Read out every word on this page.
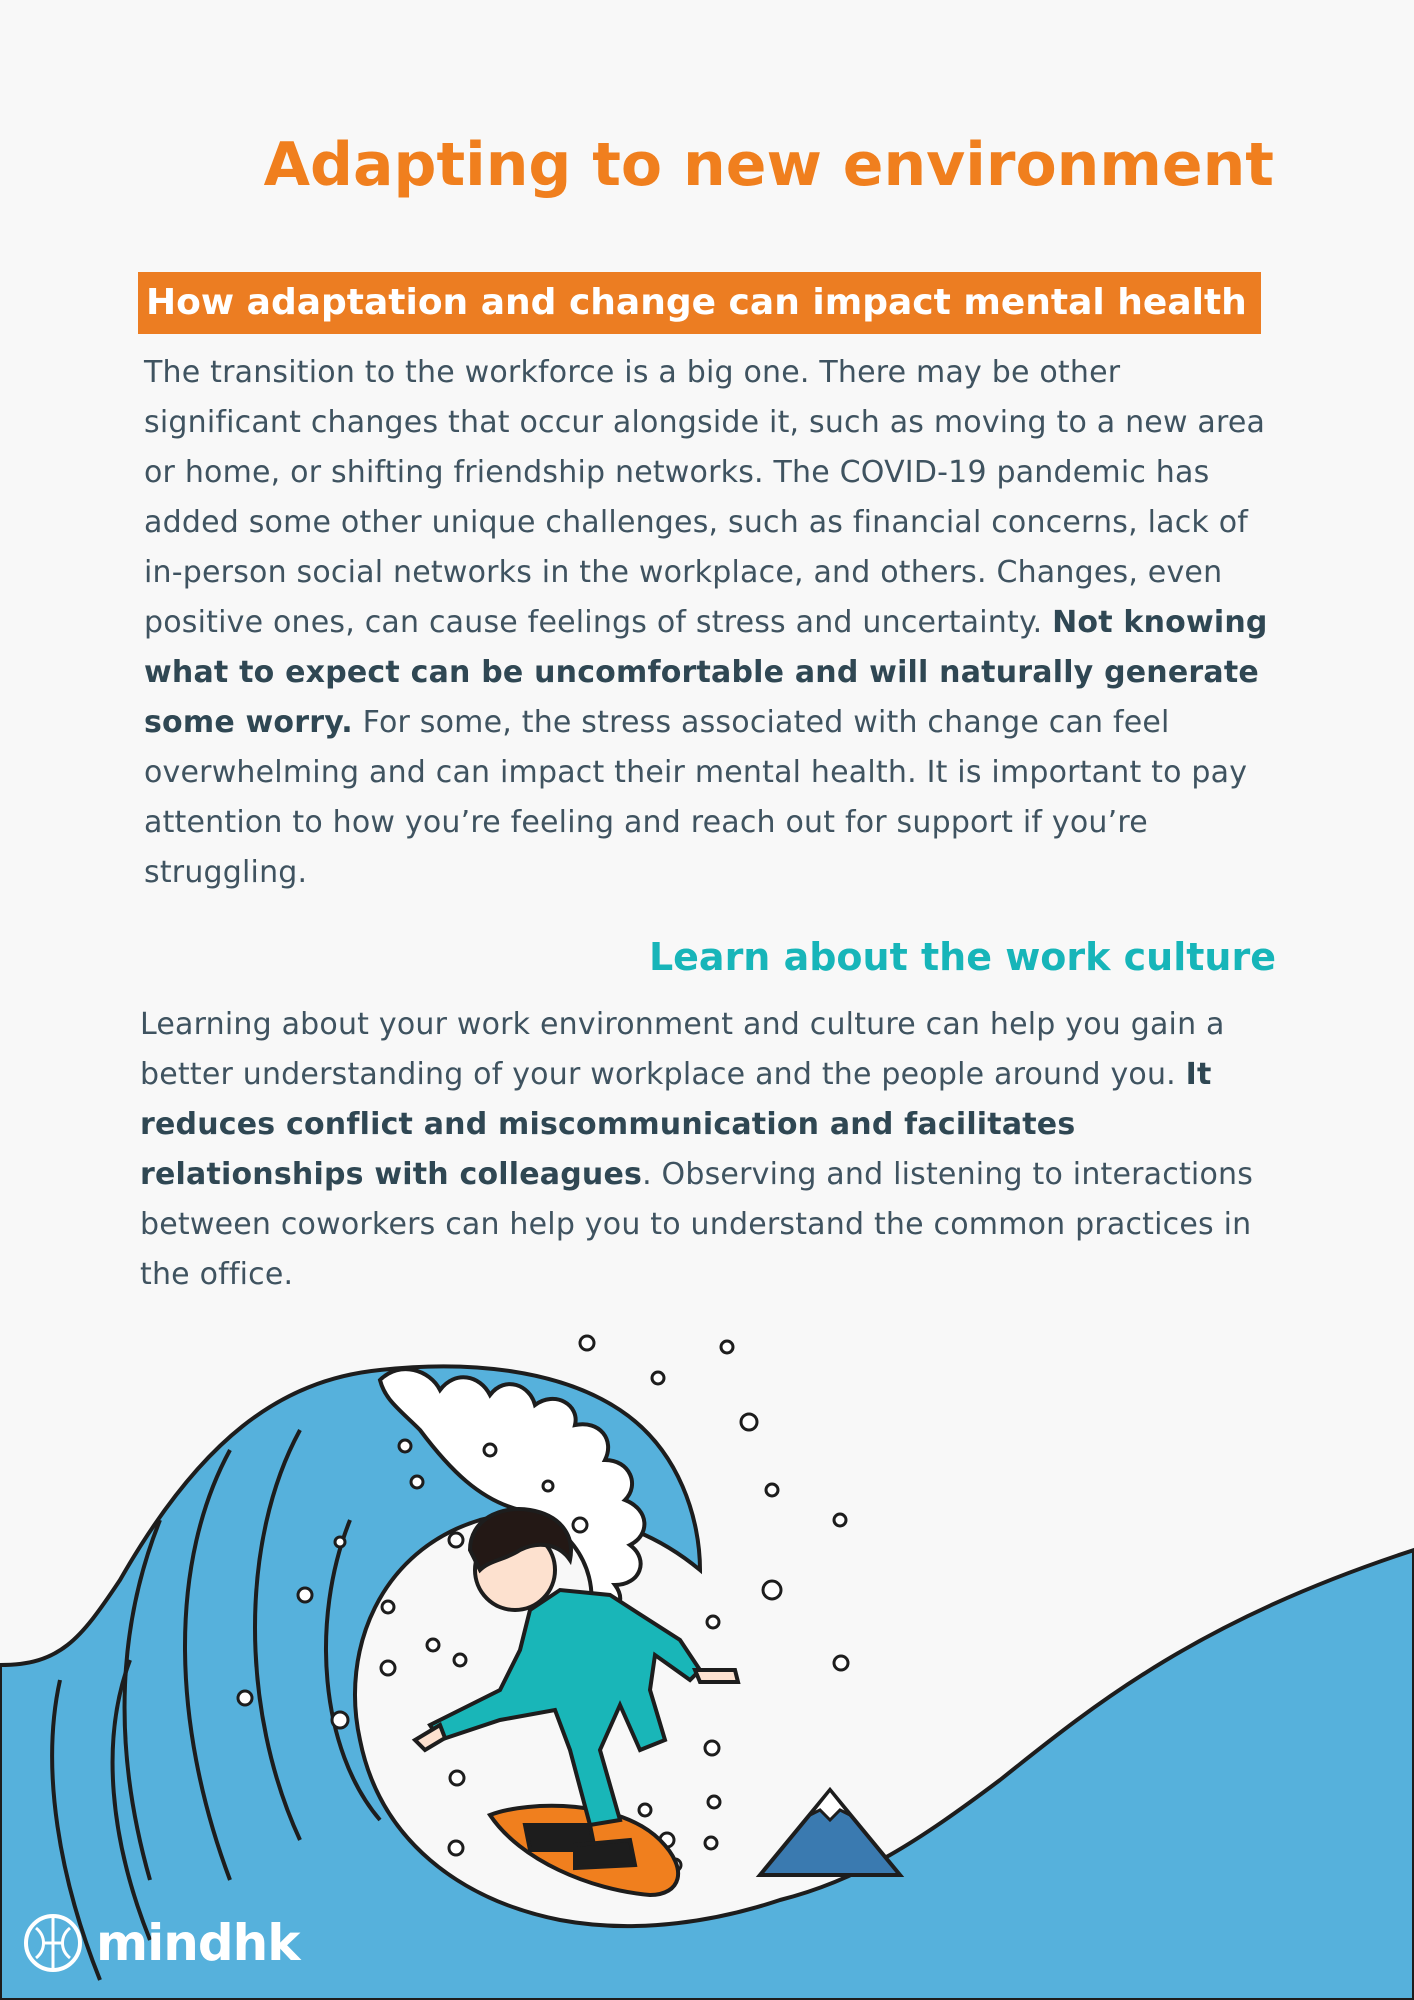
Adapting to new environment
How adaptation and change can impact mental health

The transition to the workforce is a big one. There may be other significant changes that occur alongside it, such as moving to a new area or home, or shifting friendship networks. The COVID-19 pandemic has added some other unique challenges, such as financial concerns, lack of in-person social networks in the workplace, and others. Changes, even positive ones, can cause feelings of stress and uncertainty. Not knowing what to expect can be uncomfortable and will naturally generate some worry. For some, the stress associated with change can feel overwhelming and can impact their mental health. It is important to pay attention to how you’re feeling and reach out for support if you’re struggling.

Learn about the work culture

Learning about your work environment and culture can help you gain a better understanding of your workplace and the people around you. It reduces conflict and miscommunication and facilitates relationships with colleagues. Observing and listening to interactions between coworkers can help you to understand the common practices in the office.

mindhk
